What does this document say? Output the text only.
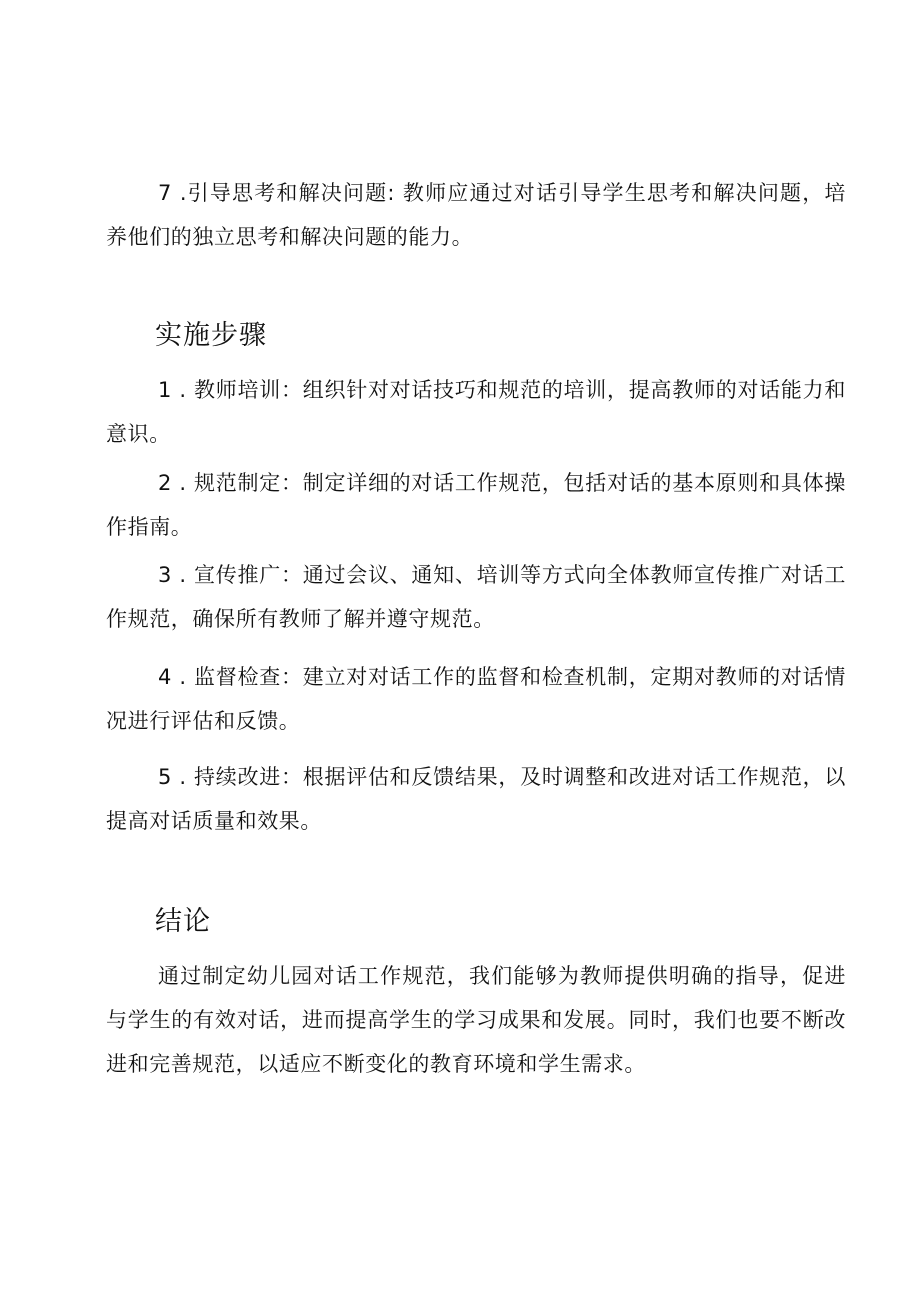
7 .引导思考和解决问题: 教师应通过对话引导学生思考和解决问题，培养他们的独立思考和解决问题的能力。

实施步骤

1 . 教师培训：组织针对对话技巧和规范的培训，提高教师的对话能力和意识。

2 . 规范制定：制定详细的对话工作规范，包括对话的基本原则和具体操作指南。

3 . 宣传推广：通过会议、通知、培训等方式向全体教师宣传推广对话工作规范，确保所有教师了解并遵守规范。

4 . 监督检查：建立对对话工作的监督和检查机制，定期对教师的对话情况进行评估和反馈。

5 . 持续改进：根据评估和反馈结果，及时调整和改进对话工作规范，以提高对话质量和效果。

结论

通过制定幼儿园对话工作规范，我们能够为教师提供明确的指导，促进与学生的有效对话，进而提高学生的学习成果和发展。同时，我们也要不断改进和完善规范，以适应不断变化的教育环境和学生需求。
